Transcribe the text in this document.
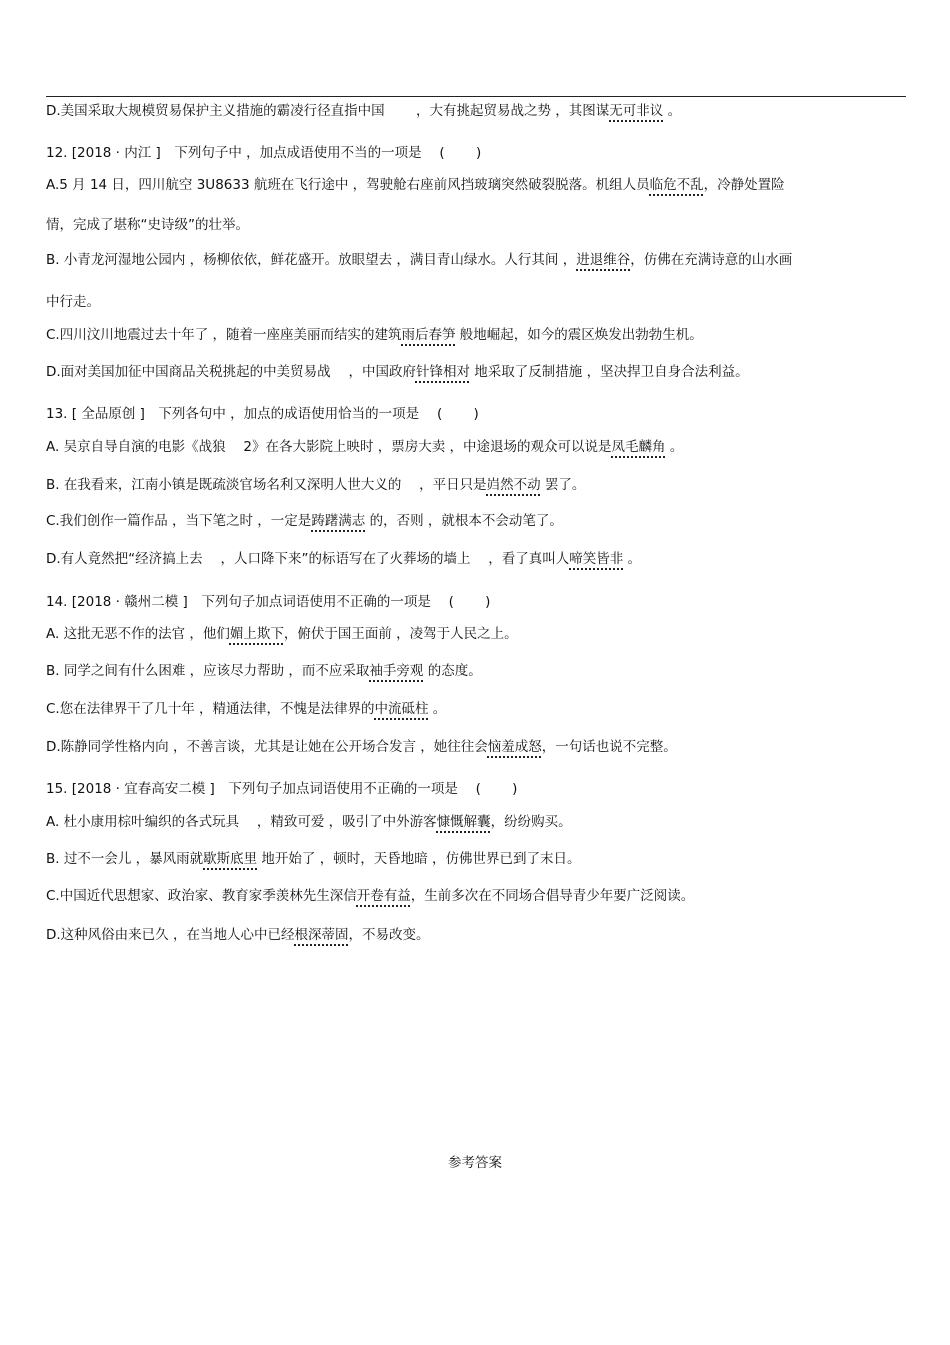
D.美国采取大规模贸易保护主义措施的霸凌行径直指中国 　　，大有挑起贸易战之势 ，其图谋无可非议 。
12. [2018 · 内江 ]　下列句子中 ，加点成语使用不当的一项是　 (　　 )
A.5 月 14 日，四川航空 3U8633 航班在飞行途中 ，驾驶舱右座前风挡玻璃突然破裂脱落。机组人员临危不乱，冷静处置险
情，完成了堪称“史诗级”的壮举。
B. 小青龙河湿地公园内 ，杨柳依依，鲜花盛开。放眼望去 ，满目青山绿水。人行其间 ，进退维谷，仿佛在充满诗意的山水画
中行走。
C.四川汶川地震过去十年了 ，随着一座座美丽而结实的建筑雨后春笋 般地崛起，如今的震区焕发出勃勃生机。
D.面对美国加征中国商品关税挑起的中美贸易战 　，中国政府针锋相对 地采取了反制措施 ，坚决捍卫自身合法利益。
13. [ 全品原创 ]　下列各句中 ，加点的成语使用恰当的一项是　 (　　 )
A. 吴京自导自演的电影《战狼 　2》在各大影院上映时 ，票房大卖 ，中途退场的观众可以说是凤毛麟角 。
B. 在我看来，江南小镇是既疏淡官场名利又深明人世大义的 　，平日只是岿然不动 罢了。
C.我们创作一篇作品 ，当下笔之时 ，一定是踌躇满志 的，否则 ，就根本不会动笔了。
D.有人竟然把“经济搞上去 　，人口降下来”的标语写在了火葬场的墙上 　，看了真叫人啼笑皆非 。
14. [2018 · 赣州二模 ]　下列句子加点词语使用不正确的一项是　 (　　 )
A. 这批无恶不作的法官 ，他们媚上欺下，俯伏于国王面前 ，凌驾于人民之上。
B. 同学之间有什么困难 ，应该尽力帮助 ，而不应采取袖手旁观 的态度。
C.您在法律界干了几十年 ，精通法律，不愧是法律界的中流砥柱 。
D.陈静同学性格内向 ，不善言谈，尤其是让她在公开场合发言 ，她往往会恼羞成怒，一句话也说不完整。
15. [2018 · 宜春高安二模 ]　下列句子加点词语使用不正确的一项是　 (　　 )
A. 杜小康用棕叶编织的各式玩具 　，精致可爱 ，吸引了中外游客慷慨解囊，纷纷购买。
B. 过不一会儿 ，暴风雨就歇斯底里 地开始了 ，顿时，天昏地暗 ，仿佛世界已到了末日。
C.中国近代思想家、政治家、教育家季羡林先生深信开卷有益，生前多次在不同场合倡导青少年要广泛阅读。
D.这种风俗由来已久 ，在当地人心中已经根深蒂固，不易改变。
参考答案
